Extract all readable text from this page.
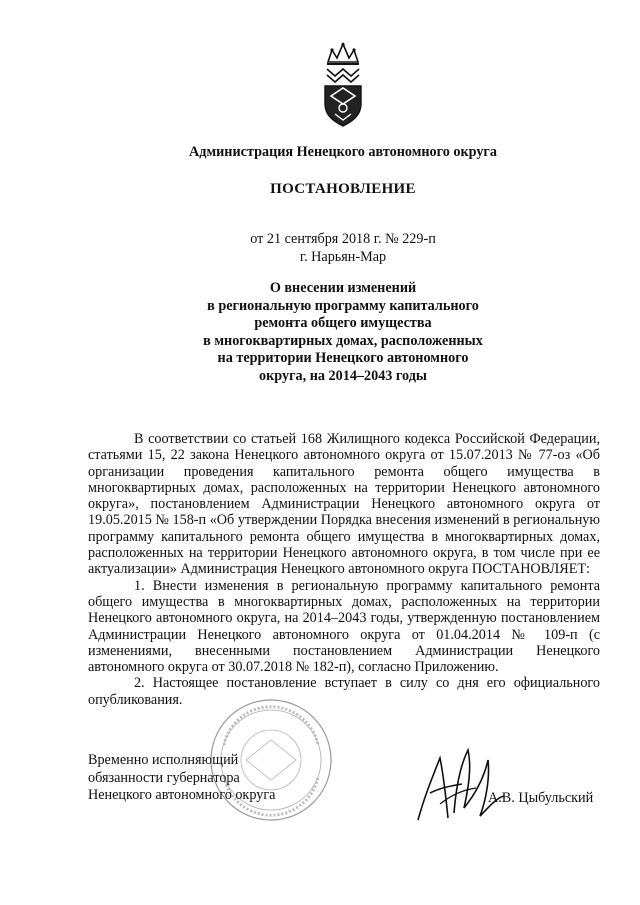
Администрация Ненецкого автономного округа
ПОСТАНОВЛЕНИЕ
от 21 сентября 2018 г. № 229-п
г. Нарьян-Мар
О внесении изменений
в региональную программу капитального
ремонта общего имущества
в многоквартирных домах, расположенных
на территории Ненецкого автономного
округа, на 2014–2043 годы

В соответствии со статьей 168 Жилищного кодекса Российской Федерации, статьями 15, 22 закона Ненецкого автономного округа от 15.07.2013 № 77-оз «Об организации проведения капитального ремонта общего имущества в многоквартирных домах, расположенных на территории Ненецкого автономного округа», постановлением Администрации Ненецкого автономного округа от 19.05.2015 № 158-п «Об утверждении Порядка внесения изменений в региональную программу капитального ремонта общего имущества в многоквартирных домах, расположенных на территории Ненецкого автономного округа, в том числе при ее актуализации» Администрация Ненецкого автономного округа ПОСТАНОВЛЯЕТ:

1. Внести изменения в региональную программу капитального ремонта общего имущества в многоквартирных домах, расположенных на территории Ненецкого автономного округа, на 2014–2043 годы, утвержденную постановлением Администрации Ненецкого автономного округа от 01.04.2014 № 109-п (с изменениями, внесенными постановлением Администрации Ненецкого автономного округа от 30.07.2018 № 182-п), согласно Приложению.

2. Настоящее постановление вступает в силу со дня его официального опубликования.

Временно исполняющий
обязанности губернатора
Ненецкого автономного округа	А.В. Цыбульский
